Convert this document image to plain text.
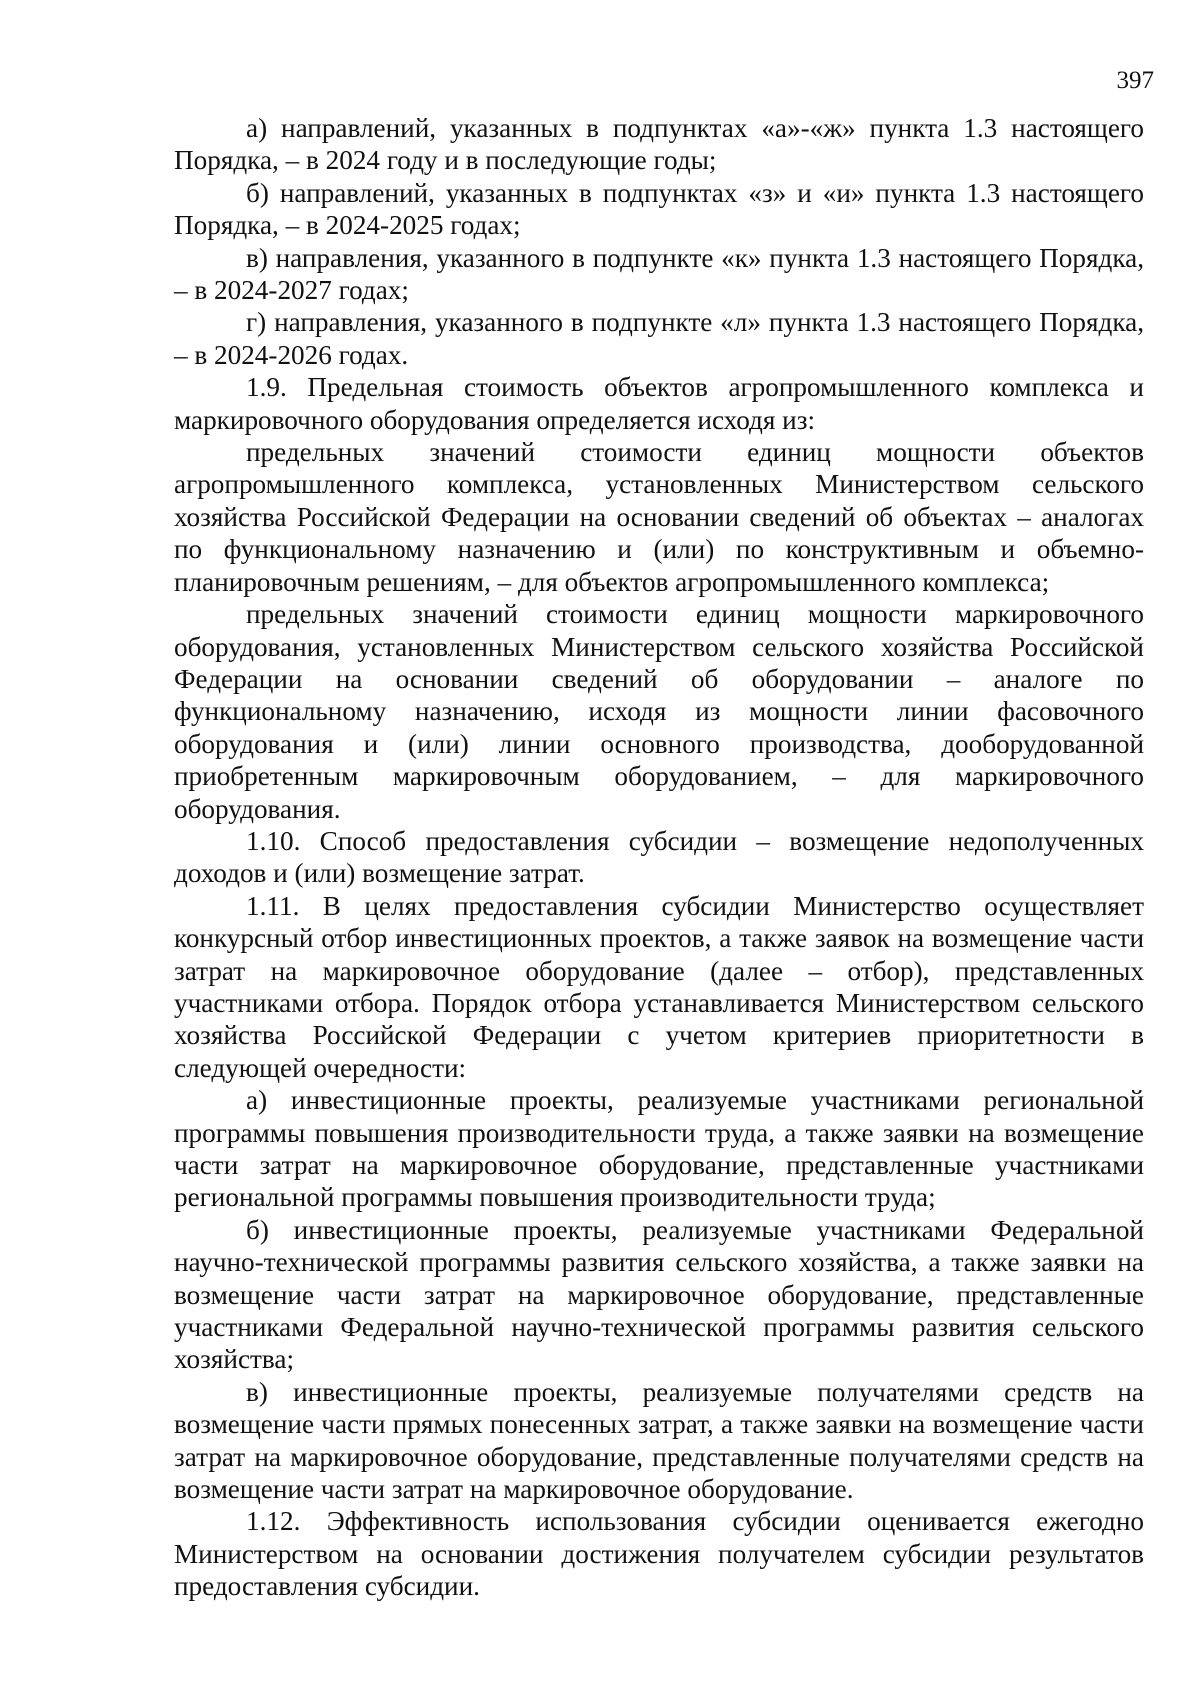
397

а) направлений, указанных в подпунктах «а»-«ж» пункта 1.3 настоящего Порядка, – в 2024 году и в последующие годы;

б) направлений, указанных в подпунктах «з» и «и» пункта 1.3 настоящего Порядка, – в 2024-2025 годах;

в) направления, указанного в подпункте «к» пункта 1.3 настоящего Порядка, – в 2024-2027 годах;

г) направления, указанного в подпункте «л» пункта 1.3 настоящего Порядка, – в 2024-2026 годах.

1.9. Предельная стоимость объектов агропромышленного комплекса и маркировочного оборудования определяется исходя из:

предельных значений стоимости единиц мощности объектов агропромышленного комплекса, установленных Министерством сельского хозяйства Российской Федерации на основании сведений об объектах – аналогах по функциональному назначению и (или) по конструктивным и объемно-планировочным решениям, – для объектов агропромышленного комплекса;

предельных значений стоимости единиц мощности маркировочного оборудования, установленных Министерством сельского хозяйства Российской Федерации на основании сведений об оборудовании – аналоге по функциональному назначению, исходя из мощности линии фасовочного оборудования и (или) линии основного производства, дооборудованной приобретенным маркировочным оборудованием, – для маркировочного оборудования.

1.10. Способ предоставления субсидии – возмещение недополученных доходов и (или) возмещение затрат.

1.11. В целях предоставления субсидии Министерство осуществляет конкурсный отбор инвестиционных проектов, а также заявок на возмещение части затрат на маркировочное оборудование (далее – отбор), представленных участниками отбора. Порядок отбора устанавливается Министерством сельского хозяйства Российской Федерации с учетом критериев приоритетности в следующей очередности:

а) инвестиционные проекты, реализуемые участниками региональной программы повышения производительности труда, а также заявки на возмещение части затрат на маркировочное оборудование, представленные участниками региональной программы повышения производительности труда;

б) инвестиционные проекты, реализуемые участниками Федеральной научно-технической программы развития сельского хозяйства, а также заявки на возмещение части затрат на маркировочное оборудование, представленные участниками Федеральной научно-технической программы развития сельского хозяйства;

в) инвестиционные проекты, реализуемые получателями средств на возмещение части прямых понесенных затрат, а также заявки на возмещение части затрат на маркировочное оборудование, представленные получателями средств на возмещение части затрат на маркировочное оборудование.

1.12. Эффективность использования субсидии оценивается ежегодно Министерством на основании достижения получателем субсидии результатов предоставления субсидии.
